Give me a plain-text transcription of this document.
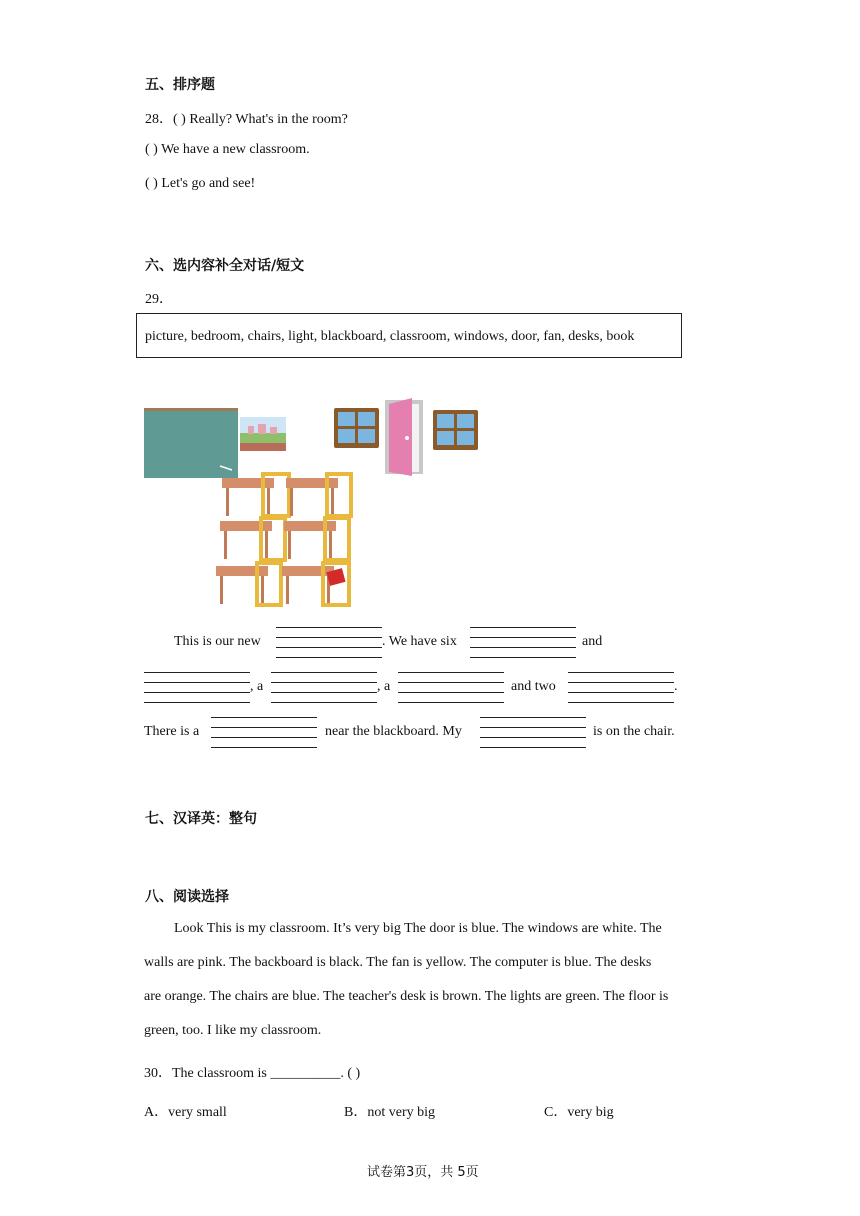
五、排序题
28．( ) Really? What's in the room?
( ) We have a new classroom.
( ) Let's go and see!
六、选内容补全对话/短文
29．
picture, bedroom, chairs, light, blackboard, classroom, windows, door, fan, desks, book
This is our new	. We have six	and
, a	, a	and two	.
There is a	near the blackboard. My	is on the chair.
七、汉译英：整句
八、阅读选择
Look This is my classroom. It’s very big The door is blue. The windows are white. The
walls are pink. The backboard is black. The fan is yellow. The computer is blue. The desks
are orange. The chairs are blue. The teacher's desk is brown. The lights are green. The floor is
green, too. I like my classroom.
30．The classroom is __________. ( )
A．very small	B．not very big	C．very big
试卷第3页，共 5页
